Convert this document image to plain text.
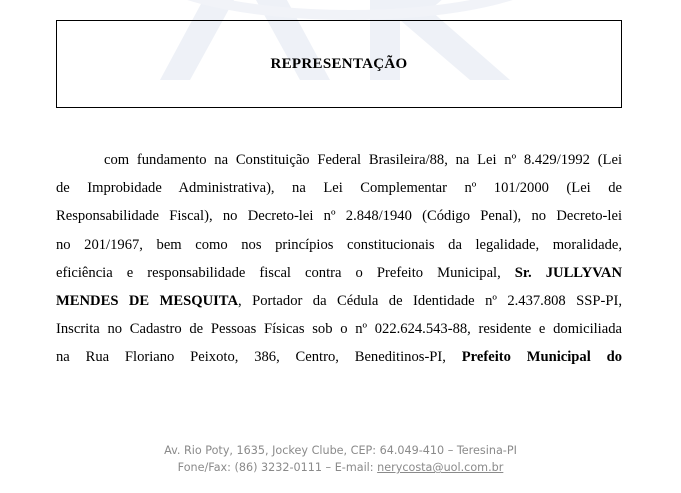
REPRESENTAÇÃO
com fundamento na Constituição Federal Brasileira/88, na Lei nº 8.429/1992 (Lei
de Improbidade Administrativa), na Lei Complementar nº 101/2000 (Lei de
Responsabilidade Fiscal), no Decreto-lei nº 2.848/1940 (Código Penal), no Decreto-lei
no 201/1967, bem como nos princípios constitucionais da legalidade, moralidade,
eficiência e responsabilidade fiscal contra o Prefeito Municipal, Sr. JULLYVAN
MENDES DE MESQUITA, Portador da Cédula de Identidade nº 2.437.808 SSP-PI,
Inscrita no Cadastro de Pessoas Físicas sob o nº 022.624.543-88, residente e domiciliada
na Rua Floriano Peixoto, 386, Centro, Beneditinos-PI, Prefeito Municipal do
Av. Rio Poty, 1635, Jockey Clube, CEP: 64.049-410 – Teresina-PI
Fone/Fax: (86) 3232-0111 – E-mail: nerycosta@uol.com.br
